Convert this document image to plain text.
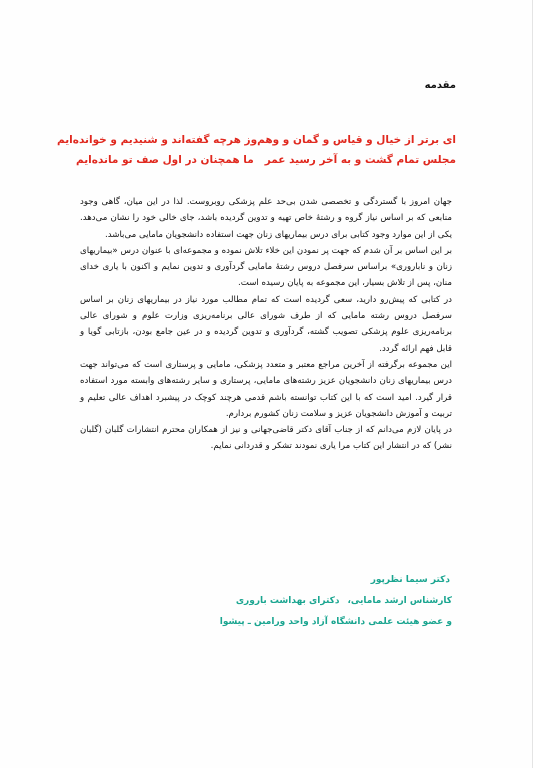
مقدمه
ای برتر از خیال و قیاس و گمان و وهم
وز هرچه گفته‌اند و شنیدیم و خوانده‌ایم
مجلس تمام گشت و به آخر رسید عمر
ما همچنان در اول صف تو مانده‌ایم

جهان امروز با گستردگی و تخصصی شدن بی‌حد علم پزشکی روبروست. لذا در این میان، گاهی وجود منابعی که بر اساس نیاز گروه و رشتهٔ خاص تهیه و تدوین گردیده باشد، جای خالی خود را نشان می‌دهد. یکی از این موارد وجود کتابی برای درس بیماریهای زنان جهت استفاده دانشجویان مامایی می‌باشد.

بر این اساس بر آن شدم که جهت پر نمودن این خلاء تلاش نموده و مجموعه‌ای با عنوان درس «بیماریهای زنان و ناباروری» براساس سرفصل دروس رشتهٔ مامایی گردآوری و تدوین نمایم و اکنون با یاری خدای منان، پس از تلاش بسیار، این مجموعه به پایان رسیده است.

در کتابی که پیش‌رو دارید، سعی گردیده است که تمام مطالب مورد نیاز در بیماریهای زنان بر اساس سرفصل دروس رشته مامایی که از طرف شورای عالی برنامه‌ریزی وزارت علوم و شورای عالی برنامه‌ریزی علوم پزشکی تصویب گشته، گردآوری و تدوین گردیده و در عین جامع بودن، بازتابی گویا و قابل فهم ارائه گردد.

این مجموعه برگرفته از آخرین مراجع معتبر و متعدد پزشکی، مامایی و پرستاری است که می‌تواند جهت درس بیماریهای زنان دانشجویان عزیز رشته‌های مامایی، پرستاری و سایر رشته‌های وابسته مورد استفاده قرار گیرد. امید است که با این کتاب توانسته باشم قدمی هرچند کوچک در پیشبرد اهداف عالی تعلیم و تربیت و آموزش دانشجویان عزیز و سلامت زنان کشورم بردارم.

در پایان لازم می‌دانم که از جناب آقای دکتر قاضی‌جهانی و نیز از همکاران محترم انتشارات گلبان (گلبان نشر) که در انتشار این کتاب مرا یاری نمودند تشکر و قدردانی نمایم.

دکتر سیما نظرپور
کارشناس ارشد مامایی،دکترای بهداشت باروری
و عضو هیئت علمی دانشگاه آزاد واحد ورامین ـ پیشوا
